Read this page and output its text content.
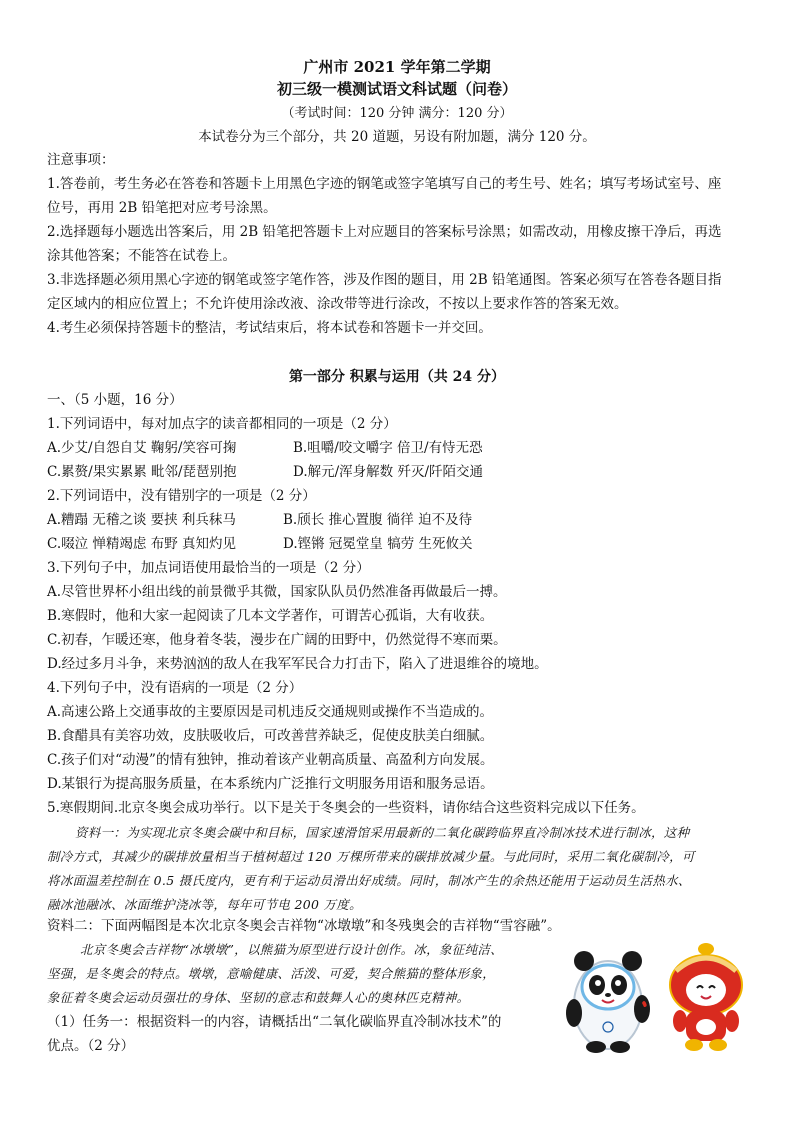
广州市 2021 学年第二学期
初三级一模测试语文科试题（问卷）
（考试时间：120 分钟 满分：120 分）
本试卷分为三个部分，共 20 道题，另设有附加题，满分 120 分。
注意事项：
1.答卷前，考生务必在答卷和答题卡上用黑色字迹的钢笔或签字笔填写自己的考生号、姓名；填写考场试室号、座
位号，再用 2B 铅笔把对应考号涂黑。
2.选择题每小题选出答案后，用 2B 铅笔把答题卡上对应题目的答案标号涂黑；如需改动，用橡皮擦干净后，再选
涂其他答案；不能答在试卷上。
3.非选择题必须用黑心字迹的钢笔或签字笔作答，涉及作图的题目，用 2B 铅笔通图。答案必须写在答卷各题目指
定区域内的相应位置上；不允许使用涂改液、涂改带等进行涂改，不按以上要求作答的答案无效。
4.考生必须保持答题卡的整洁，考试结束后，将本试卷和答题卡一并交回。
第一部分 积累与运用（共 24 分）
一、（5 小题，16 分）
1.下列词语中，每对加点字的读音都相同的一项是（2 分）
A.少艾/自怨自艾 鞠躬/笑容可掬	B.咀嚼/咬文嚼字 倍卫/有恃无恐
C.累赘/果实累累 毗邻/琵琶别抱	D.解元/浑身解数 歼灭/阡陌交通
2.下列词语中，没有错别字的一项是（2 分）
A.糟蹋 无稽之谈 要挟 利兵秣马	B.颀长 推心置腹 徜徉 迫不及待
C.啜泣 惮精竭虑 布野 真知灼见	D.铿锵 冠冕堂皇 犒劳 生死攸关
3.下列句子中，加点词语使用最恰当的一项是（2 分）
A.尽管世界杯小组出线的前景微乎其微，国家队队员仍然准备再做最后一搏。
B.寒假时，他和大家一起阅读了几本文学著作，可谓苦心孤诣，大有收获。
C.初春，乍暖还寒，他身着冬装，漫步在广阔的田野中，仍然觉得不寒而栗。
D.经过多月斗争，来势汹汹的敌人在我军军民合力打击下，陷入了进退维谷的境地。
4.下列句子中，没有语病的一项是（2 分）
A.高速公路上交通事故的主要原因是司机违反交通规则或操作不当造成的。
B.食醋具有美容功效，皮肤吸收后，可改善营养缺乏，促使皮肤美白细腻。
C.孩子们对“动漫”的情有独钟，推动着该产业朝高质量、高盈利方向发展。
D.某银行为提高服务质量，在本系统内广泛推行文明服务用语和服务忌语。
5.寒假期间.北京冬奥会成功举行。以下是关于冬奥会的一些资料，请你结合这些资料完成以下任务。
资料一：为实现北京冬奥会碳中和目标，国家速滑馆采用最新的二氧化碳跨临界直冷制冰技术进行制冰，这种
制冷方式，其减少的碳排放量相当于植树超过 120 万棵所带来的碳排放减少量。与此同时，采用二氧化碳制冷，可
将冰面温差控制在 0.5 摄氏度内，更有利于运动员滑出好成绩。同时，制冰产生的余热还能用于运动员生活热水、
融冰池融冰、冰面维护浇冰等，每年可节电 200 万度。
资料二：下面两幅图是本次北京冬奥会吉祥物“冰墩墩”和冬残奥会的吉祥物“雪容融”。
北京冬奥会吉祥物“冰墩墩”，以熊猫为原型进行设计创作。冰，象征纯洁、
坚强，是冬奥会的特点。墩墩，意喻健康、活泼、可爱，契合熊猫的整体形象，
象征着冬奥会运动员强壮的身体、坚韧的意志和鼓舞人心的奥林匹克精神。
（1）任务一：根据资料一的内容，请概括出“二氧化碳临界直冷制冰技术”的
优点。（2 分）
